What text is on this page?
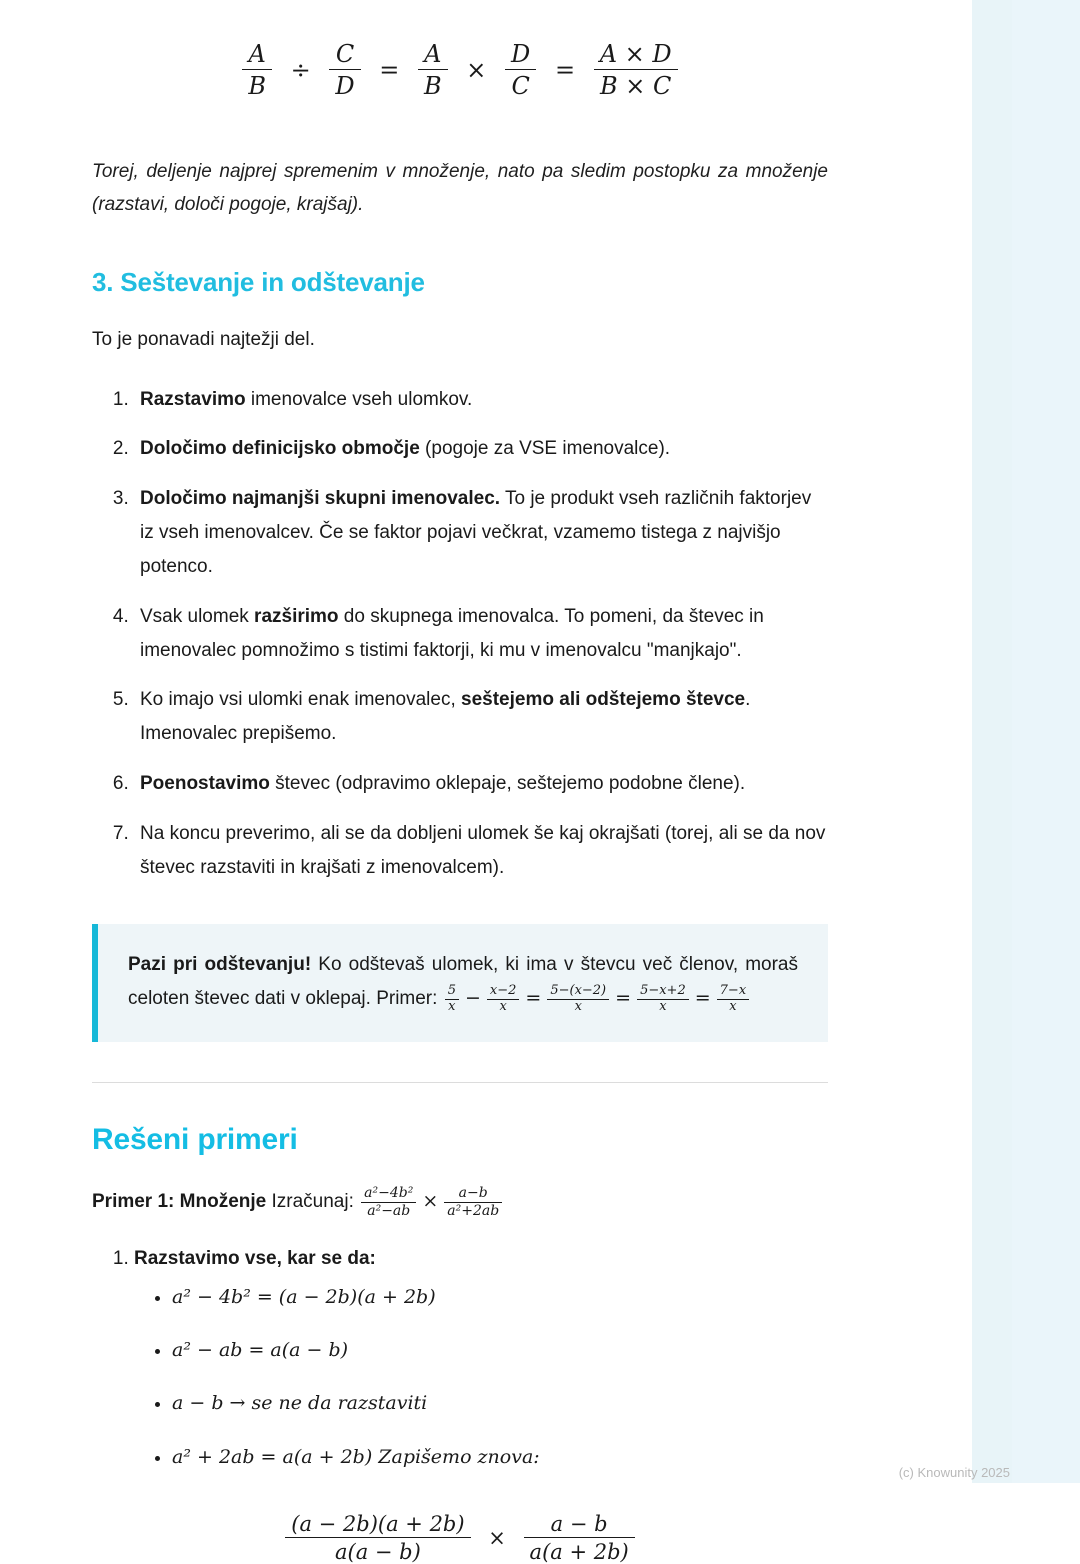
$\frac{A}{B} \div \frac{C}{D} = \frac{A}{B} \times \frac{D}{C} = \frac{A \times D}{B \times C}$

Torej, deljenje najprej spremenim v množenje, nato pa sledim postopku za množenje (razstavi, določi pogoje, krajšaj).

3. Seštevanje in odštevanje

To je ponavadi najtežji del.

1. Razstavimo imenovalce vseh ulomkov.
2. Določimo definicijsko območje (pogoje za VSE imenovalce).
3. Določimo najmanjši skupni imenovalec. To je produkt vseh različnih faktorjev iz vseh imenovalcev. Če se faktor pojavi večkrat, vzamemo tistega z najvišjo potenco.
4. Vsak ulomek razširimo do skupnega imenovalca. To pomeni, da števec in imenovalec pomnožimo s tistimi faktorji, ki mu v imenovalcu "manjkajo".
5. Ko imajo vsi ulomki enak imenovalec, seštejemo ali odštejemo števce. Imenovalec prepišemo.
6. Poenostavimo števec (odpravimo oklepaje, seštejemo podobne člene).
7. Na koncu preverimo, ali se da dobljeni ulomek še kaj okrajšati (torej, ali se da nov števec razstaviti in krajšati z imenovalcem).
Pazi pri odštevanju! Ko odštevaš ulomek, ki ima v števcu več členov, moraš celoten števec dati v oklepaj. Primer: $\frac{5}{x} - \frac{x-2}{x} = \frac{5-(x-2)}{x} = \frac{5-x+2}{x} = \frac{7-x}{x}$
Rešeni primeri
Primer 1: Množenje Izračunaj: $\frac{\text{a²−4b²}}{\text{a²−ab}} \times \frac{a-b}{\text{a²+2ab}}$
1. Razstavimo vse, kar se da:
• a² − 4b² = (a − 2b)(a + 2b)
• a² − ab = a(a − b)
• a − b → se ne da razstaviti
• a² + 2ab = a(a + 2b) Zapišemo znova:
$\frac{(a - 2b)(a + 2b)}{a(a - b)} \times \frac{a - b}{a(a + 2b)}$
(c) Knowunity 2025
